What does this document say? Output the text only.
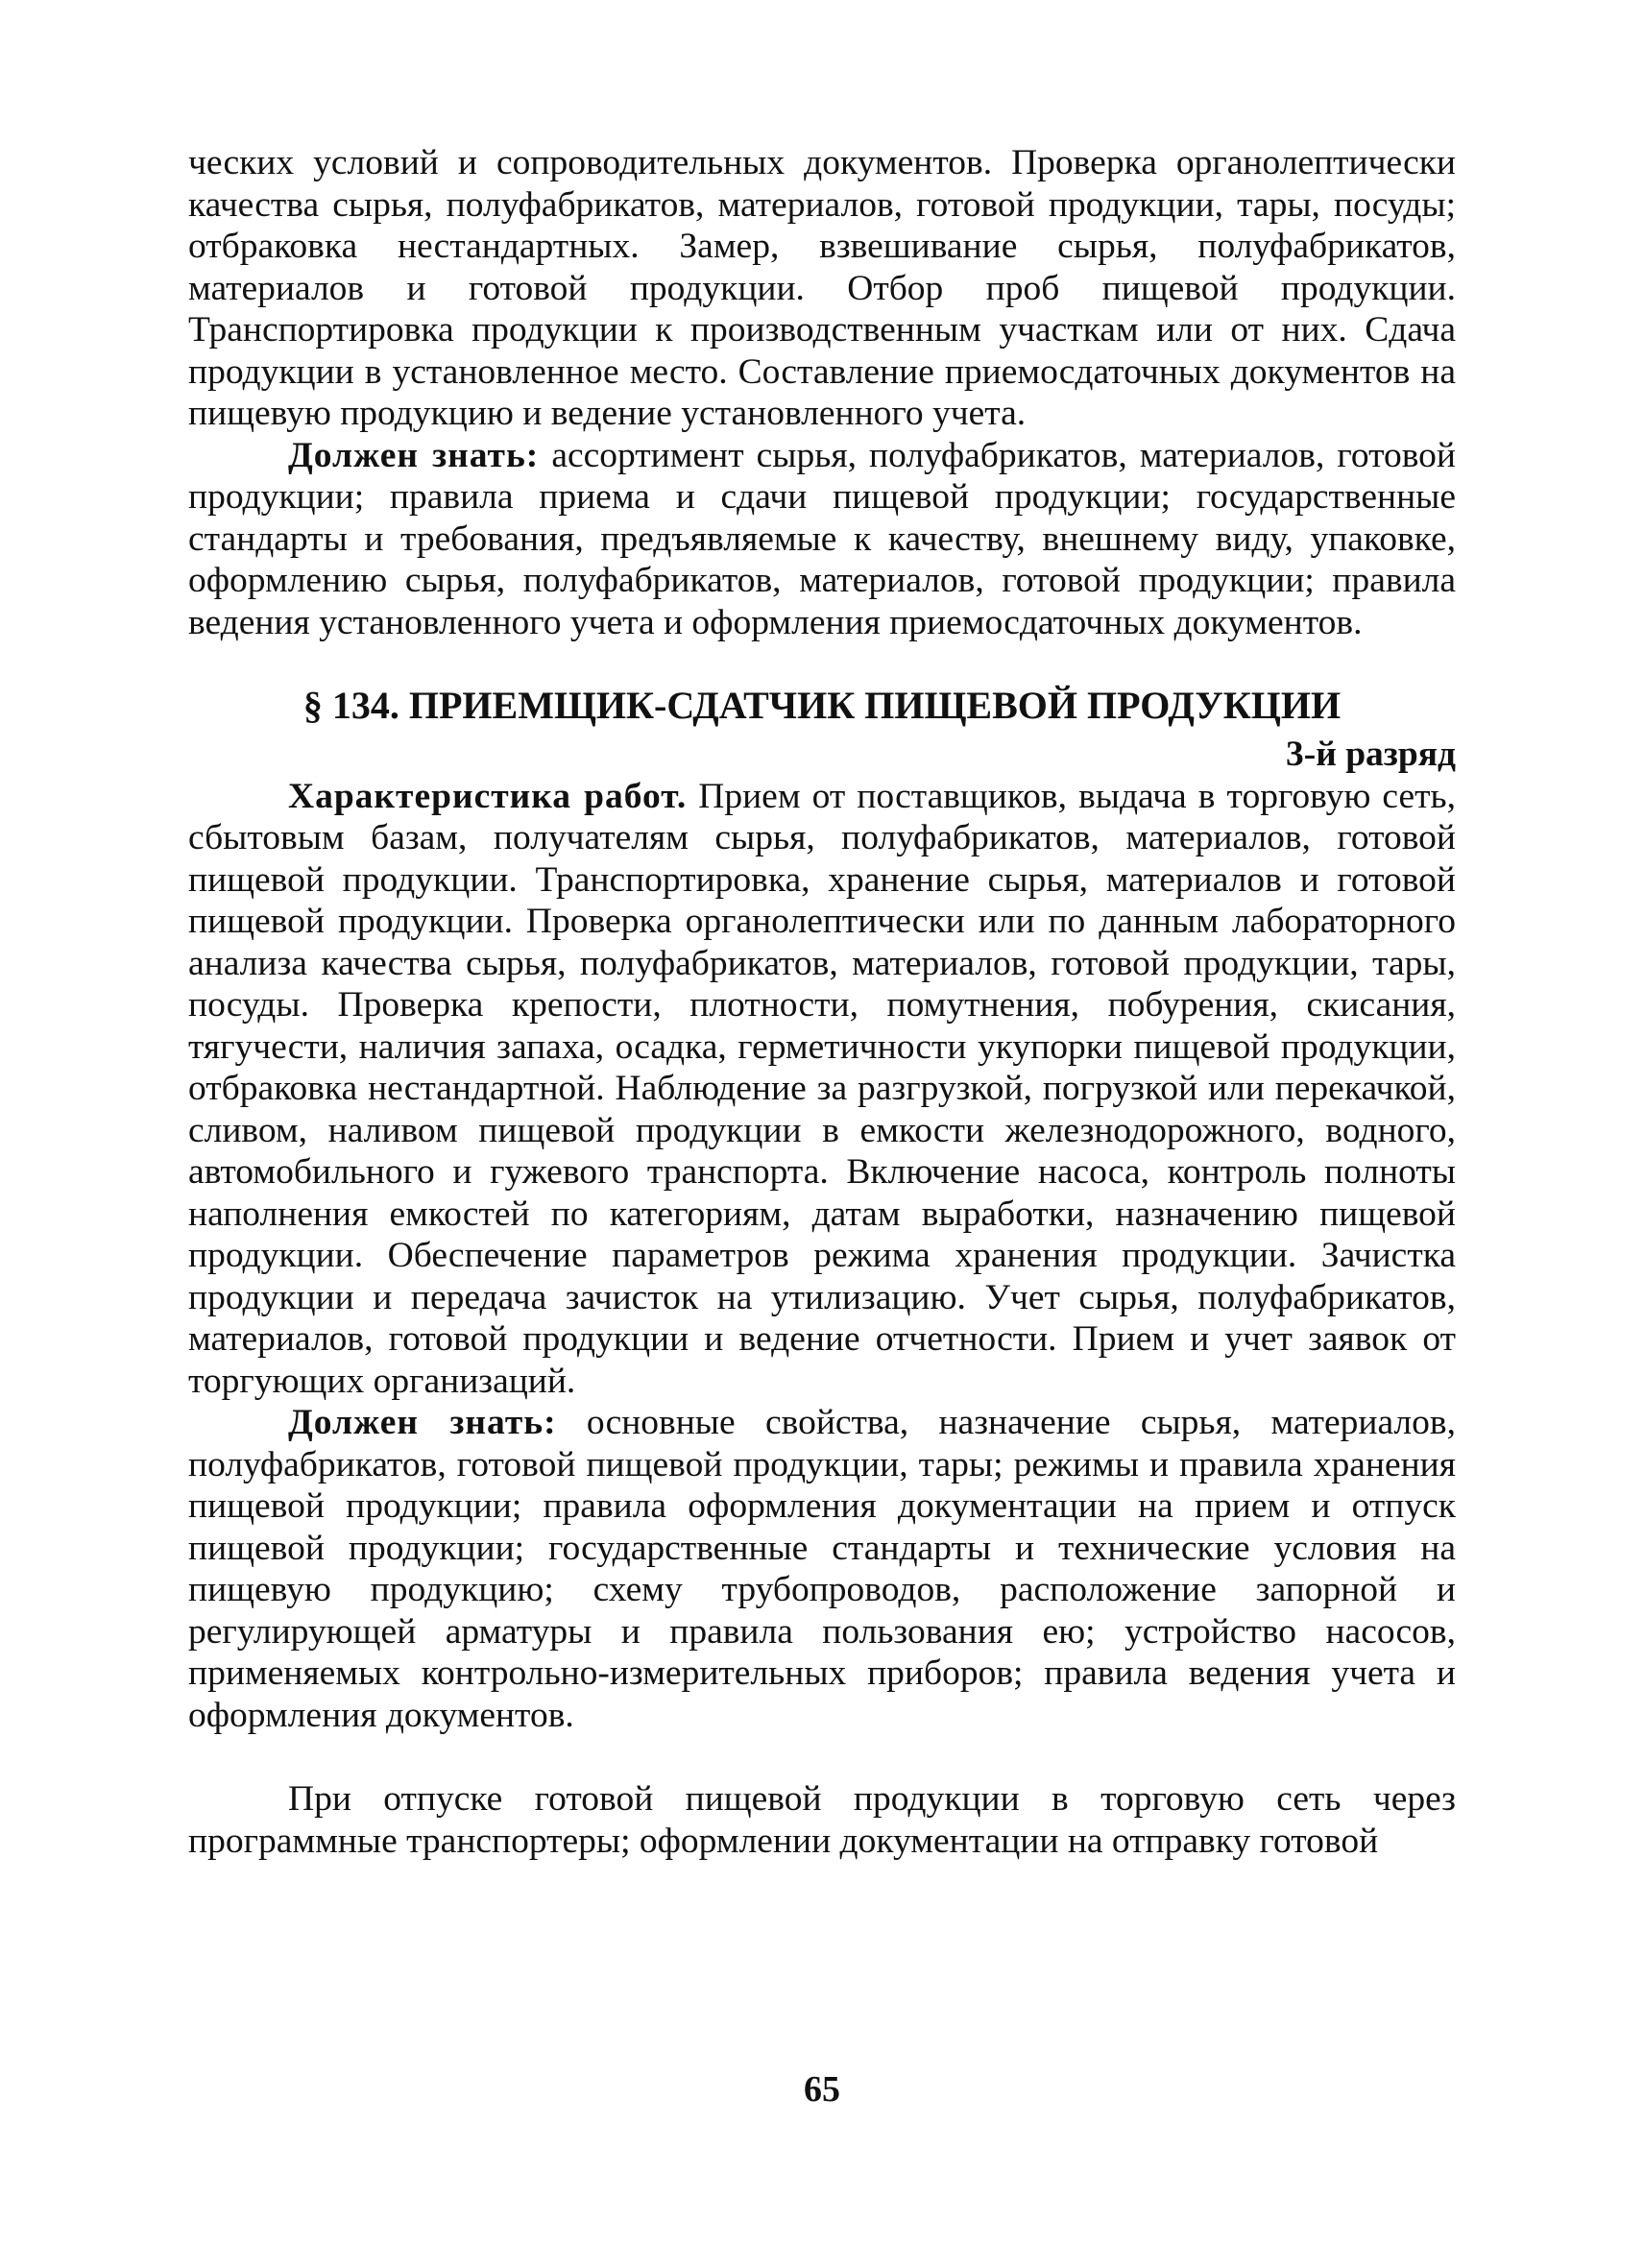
ческих условий и сопроводительных документов. Проверка органолептически качества сырья, полуфабрикатов, материалов, готовой продукции, тары, посуды; отбраковка нестандартных. Замер, взвешивание сырья, полуфабрикатов, материалов и готовой продукции. Отбор проб пищевой продукции. Транспортировка продукции к производственным участкам или от них. Сдача продукции в установленное место. Составление приемосдаточных документов на пищевую продукцию и ведение установленного учета.

Должен знать: ассортимент сырья, полуфабрикатов, материалов, готовой продукции; правила приема и сдачи пищевой продукции; государственные стандарты и требования, предъявляемые к качеству, внешнему виду, упаковке, оформлению сырья, полуфабрикатов, материалов, готовой продукции; правила ведения установленного учета и оформления приемосдаточных документов.

§ 134. ПРИЕМЩИК-СДАТЧИК ПИЩЕВОЙ ПРОДУКЦИИ
3-й разряд

Характеристика работ. Прием от поставщиков, выдача в торговую сеть, сбытовым базам, получателям сырья, полуфабрикатов, материалов, готовой пищевой продукции. Транспортировка, хранение сырья, материалов и готовой пищевой продукции. Проверка органолептически или по данным лабораторного анализа качества сырья, полуфабрикатов, материалов, готовой продукции, тары, посуды. Проверка крепости, плотности, помутнения, побурения, скисания, тягучести, наличия запаха, осадка, герметичности укупорки пищевой продукции, отбраковка нестандартной. Наблюдение за разгрузкой, погрузкой или перекачкой, сливом, наливом пищевой продукции в емкости железнодорожного, водного, автомобильного и гужевого транспорта. Включение насоса, контроль полноты наполнения емкостей по категориям, датам выработки, назначению пищевой продукции. Обеспечение параметров режима хранения продукции. Зачистка продукции и передача зачисток на утилизацию. Учет сырья, полуфабрикатов, материалов, готовой продукции и ведение отчетности. Прием и учет заявок от торгующих организаций.

Должен знать: основные свойства, назначение сырья, материалов, полуфабрикатов, готовой пищевой продукции, тары; режимы и правила хранения пищевой продукции; правила оформления документации на прием и отпуск пищевой продукции; государственные стандарты и технические условия на пищевую продукцию; схему трубопроводов, расположение запорной и регулирующей арматуры и правила пользования ею; устройство насосов, применяемых контрольно-измерительных приборов; правила ведения учета и оформления документов.

При отпуске готовой пищевой продукции в торговую сеть через программные транспортеры; оформлении документации на отправку готовой

65
